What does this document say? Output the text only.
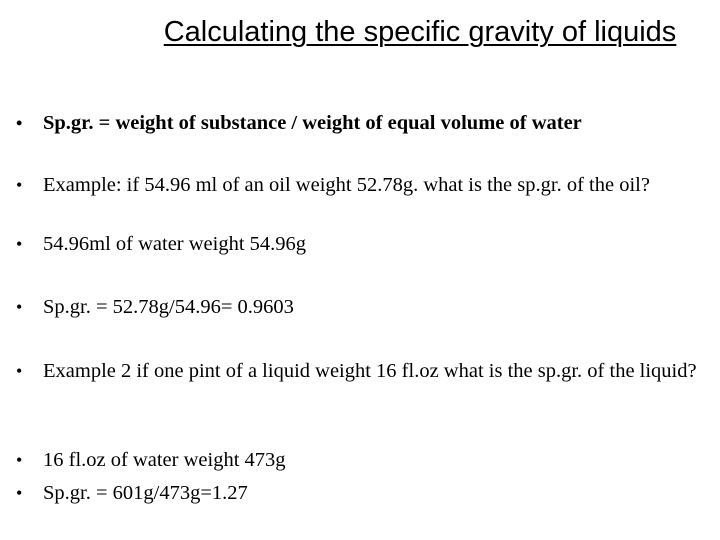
Calculating the specific gravity of liquids
•	Sp.gr. = weight of substance / weight of equal volume of water
•	Example: if 54.96 ml of an oil weight 52.78g. what is the sp.gr. of the oil?
•	54.96ml of water weight 54.96g
•	Sp.gr. = 52.78g/54.96= 0.9603
•	Example 2 if one pint of a liquid weight 16 fl.oz what is the sp.gr. of the liquid?
•	16 fl.oz of water weight 473g
•	Sp.gr. = 601g/473g=1.27
